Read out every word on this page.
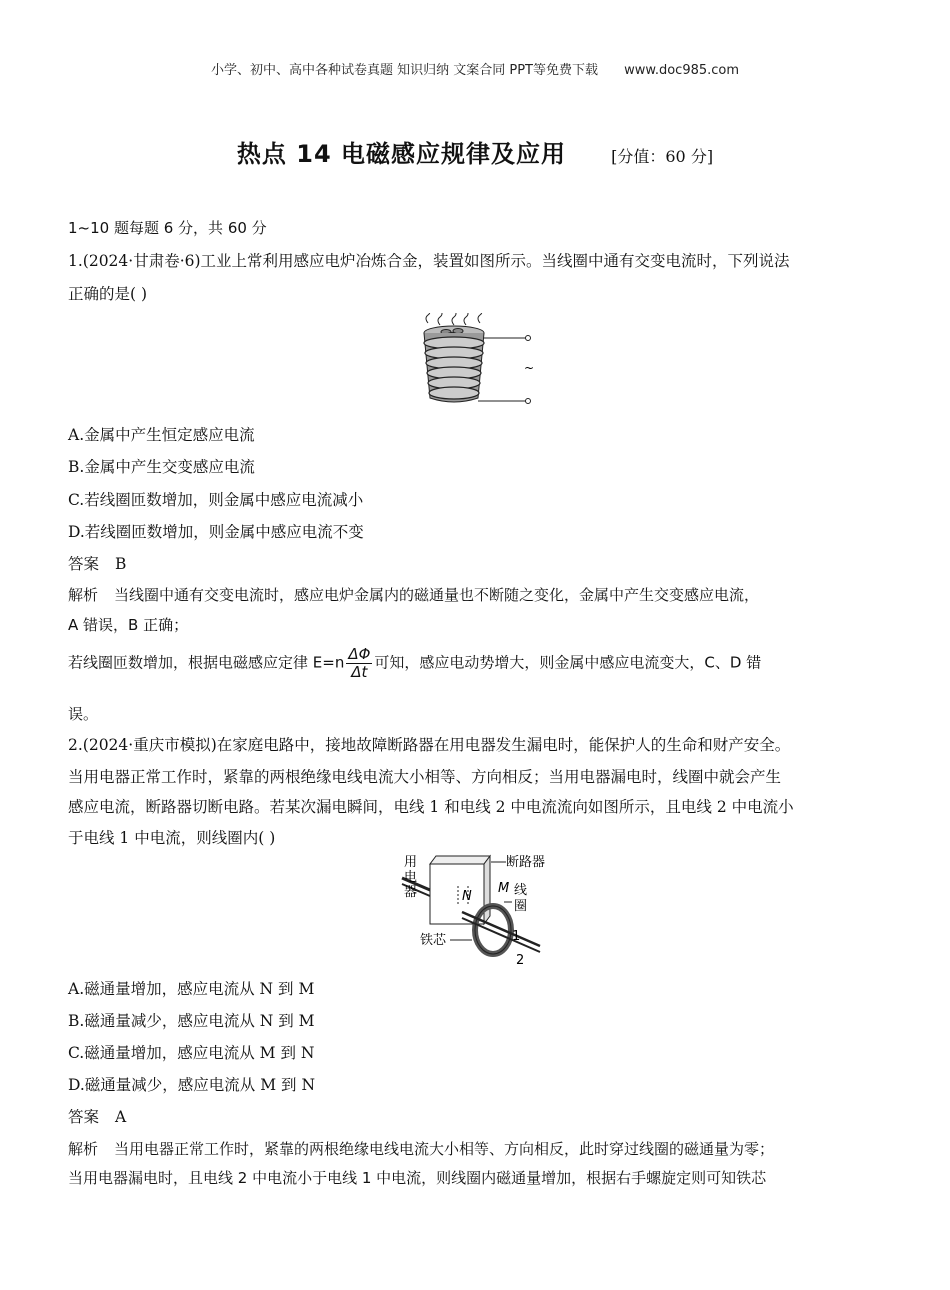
小学、初中、高中各种试卷真题 知识归纳 文案合同 PPT等免费下载 www.doc985.com
热点 14 电磁感应规律及应用	[分值：60 分]
1~10 题每题 6 分，共 60 分
1.(2024·甘肃卷·6)工业上常利用感应电炉冶炼合金，装置如图所示。当线圈中通有交变电流时，下列说法
正确的是( )
~
A.金属中产生恒定感应电流
B.金属中产生交变感应电流
C.若线圈匝数增加，则金属中感应电流减小
D.若线圈匝数增加，则金属中感应电流不变
答案 B
解析 当线圈中通有交变电流时，感应电炉金属内的磁通量也不断随之变化，金属中产生交变感应电流，
A 错误，B 正确；
若线圈匝数增加，根据电磁感应定律 $E=n \frac{\Delta\Phi}{\Delta t}$ 可知，感应电动势增大，则金属中感应电流变大，C、D 错
误。
2.(2024·重庆市模拟)在家庭电路中，接地故障断路器在用电器发生漏电时，能保护人的生命和财产安全。
当用电器正常工作时，紧靠的两根绝缘电线电流大小相等、方向相反；当用电器漏电时，线圈中就会产生
感应电流，断路器切断电路。若某次漏电瞬间，电线 1 和电线 2 中电流流向如图所示，且电线 2 中电流小
于电线 1 中电流，则线圈内( )
用
电
器
断路器
N
M 线
圈
铁芯	1
2
A.磁通量增加，感应电流从 N 到 M
B.磁通量减少，感应电流从 N 到 M
C.磁通量增加，感应电流从 M 到 N
D.磁通量减少，感应电流从 M 到 N
答案 A
解析 当用电器正常工作时，紧靠的两根绝缘电线电流大小相等、方向相反，此时穿过线圈的磁通量为零；
当用电器漏电时，且电线 2 中电流小于电线 1 中电流，则线圈内磁通量增加，根据右手螺旋定则可知铁芯
